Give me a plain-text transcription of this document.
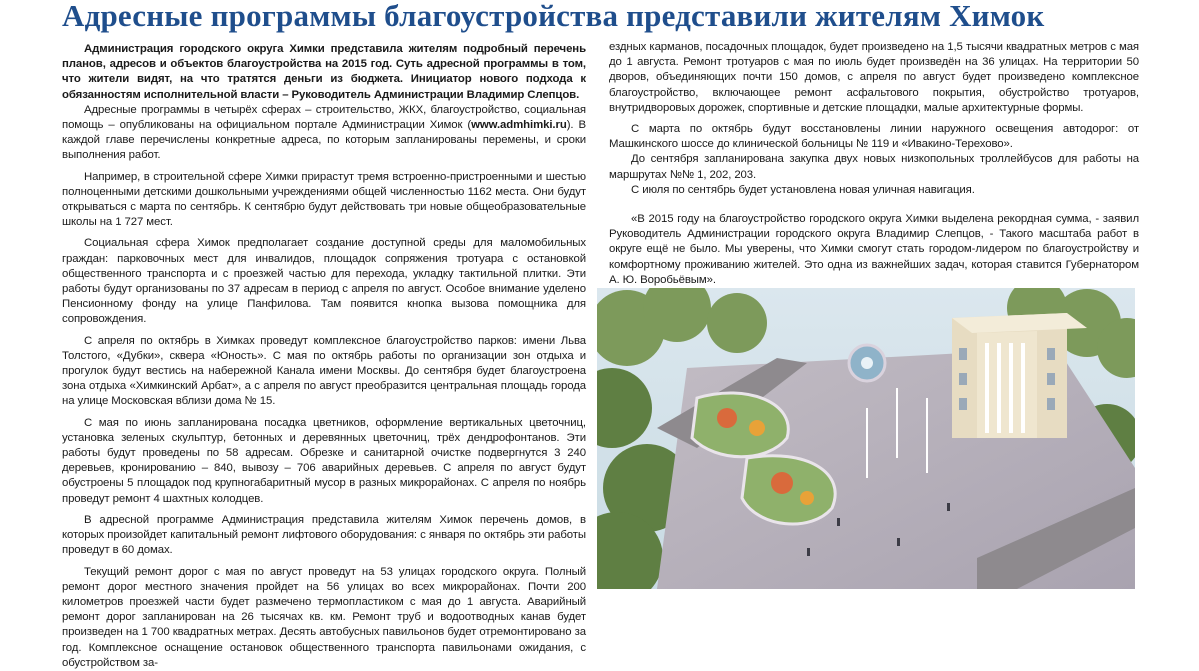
Адресные программы благоустройства представили жителям Химок

Администрация городского округа Химки представила жителям подробный перечень планов, адресов и объектов благоустройства на 2015 год. Суть адресной программы в том, что жители видят, на что тратятся деньги из бюджета. Инициатор нового подхода к обязанностям исполнительной власти – Руководитель Администрации Владимир Слепцов.

Адресные программы в четырёх сферах – строительство, ЖКХ, благоустройство, социальная помощь – опубликованы на официальном портале Администрации Химок (www.admhimki.ru). В каждой главе перечислены конкретные адреса, по которым запланированы перемены, и сроки выполнения работ.

Например, в строительной сфере Химки прирастут тремя встроенно-пристроенными и шестью полноценными детскими дошкольными учреждениями общей численностью 1162 места. Они будут открываться с марта по сентябрь. К сентябрю будут действовать три новые общеобразовательные школы на 1 727 мест.

Социальная сфера Химок предполагает создание доступной среды для маломобильных граждан: парковочных мест для инвалидов, площадок сопряжения тротуара с остановкой общественного транспорта и с проезжей частью для перехода, укладку тактильной плитки. Эти работы будут организованы по 37 адресам в период с апреля по август. Особое внимание уделено Пенсионному фонду на улице Панфилова. Там появится кнопка вызова помощника для сопровождения.

С апреля по октябрь в Химках проведут комплексное благоустройство парков: имени Льва Толстого, «Дубки», сквера «Юность». С мая по октябрь работы по организации зон отдыха и прогулок будут вестись на набережной Канала имени Москвы. До сентября будет благоустроена зона отдыха «Химкинский Арбат», а с апреля по август преобразится центральная площадь города на улице Московская вблизи дома № 15.

С мая по июнь запланирована посадка цветников, оформление вертикальных цветочниц, установка зеленых скульптур, бетонных и деревянных цветочниц, трёх дендрофонтанов. Эти работы будут проведены по 58 адресам. Обрезке и санитарной очистке подвергнутся 3 240 деревьев, кронированию – 840, вывозу – 706 аварийных деревьев. С апреля по август будут обустроены 5 площадок под крупногабаритный мусор в разных микрорайонах. С апреля по ноябрь проведут ремонт 4 шахтных колодцев.

В адресной программе Администрация представила жителям Химок перечень домов, в которых произойдет капитальный ремонт лифтового оборудования: с января по октябрь эти работы проведут в 60 домах.

Текущий ремонт дорог с мая по август проведут на 53 улицах городского округа. Полный ремонт дорог местного значения пройдет на 56 улицах во всех микрорайонах. Почти 200 километров проезжей части будет размечено термопластиком с мая до 1 августа. Аварийный ремонт дорог запланирован на 26 тысячах кв. км. Ремонт труб и водоотводных канав будет произведен на 1 700 квадратных метрах. Десять автобусных павильонов будет отремонтировано за год. Комплексное оснащение остановок общественного транспорта павильонами ожидания, с обустройством за-

ездных карманов, посадочных площадок, будет произведено на 1,5 тысячи квадратных метров с мая до 1 августа. Ремонт тротуаров с мая по июль будет произведён на 36 улицах. На территории 50 дворов, объединяющих почти 150 домов, с апреля по август будет произведено комплексное благоустройство, включающее ремонт асфальтового покрытия, обустройство тротуаров, внутридворовых дорожек, спортивные и детские площадки, малые архитектурные формы.

С марта по октябрь будут восстановлены линии наружного освещения автодорог: от Машкинского шоссе до клинической больницы № 119 и «Ивакино-Терехово».

До сентября запланирована закупка двух новых низкопольных троллейбусов для работы на маршрутах №№ 1, 202, 203.

С июля по сентябрь будет установлена новая уличная навигация.

«В 2015 году на благоустройство городского округа Химки выделена рекордная сумма, - заявил Руководитель Администрации городского округа Владимир Слепцов, - Такого масштаба работ в округе ещё не было. Мы уверены, что Химки смогут стать городом-лидером по благоустройству и комфортному проживанию жителей. Это одна из важнейших задач, которая ставится Губернатором А. Ю. Воробьёвым».
